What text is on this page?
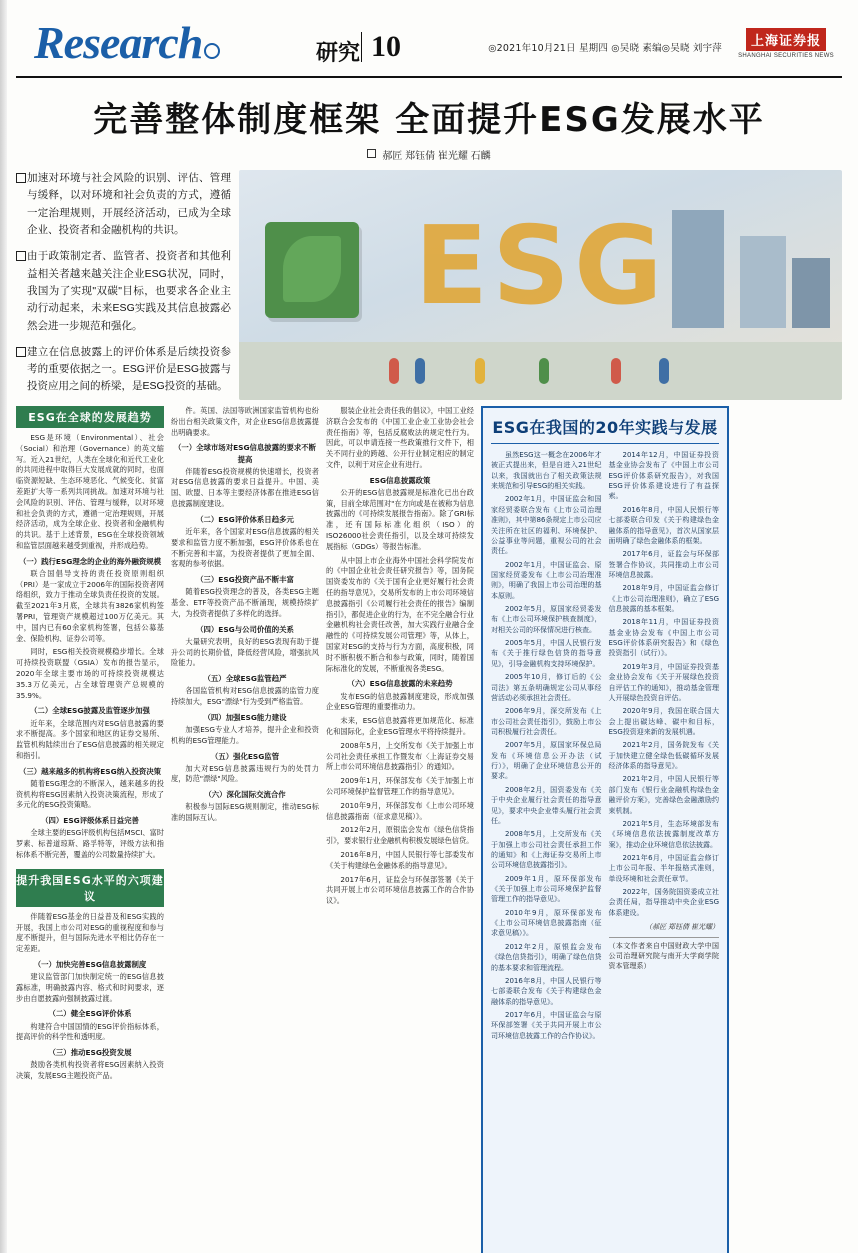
Research	研究 10	◎2021年10月21日 星期四 ◎吴晓 素编◎吴晓 刘宇萍	上海证券报
SHANGHAI SECURITIES NEWS
完善整体制度框架 全面提升ESG发展水平
郝匠 郑钰倩 崔光耀 石麟
加速对环境与社会风险的识别、评估、管理与缓释，以对环境和社会负责的方式，遵循一定治理规则，开展经济活动，已成为全球企业、投资者和金融机构的共识。
由于政策制定者、监管者、投资者和其他利益相关者越来越关注企业ESG状况，同时，我国为了实现"双碳"目标，也要求各企业主动行动起来，未来ESG实践及其信息披露必然会进一步规范和强化。
建立在信息披露上的评价体系是后续投资参考的重要依据之一。ESG评价是ESG披露与投资应用之间的桥梁，是ESG投资的基础。
ESG
ESG在全球的发展趋势

ESG是环境（Environmental）、社会（Social）和治理（Governance）的英文缩写。近入21世纪，人类在全球化和近代工业化的共同进程中取得巨大发展成就的同时，也面临资源短缺、生态环境恶化、气候变化、贫富差距扩大等一系列共同挑战。加速对环境与社会风险的识别、评估、管理与缓释，以对环境和社会负责的方式，遵循一定治理规则，开展经济活动，成为全球企业、投资者和金融机构的共识。基于上述背景，ESG在全球投资领域和监管层面越来越受到重视，并形成趋势。

（一）践行ESG理念的企业的海外融资规模

联合国倡导支持的责任投资原则组织（PRI）是一家成立于2006年的国际投资者网络组织，致力于推动全球负责任投资的发展。截至2021年3月底，全球共有3826家机构签署PRI，管理资产规模超过100万亿美元。其中，国内已有60余家机构签署，包括公募基金、保险机构、证券公司等。

同时，ESG相关投资规模稳步增长。全球可持续投资联盟（GSIA）发布的报告显示，2020年全球主要市场的可持续投资规模达35.3万亿美元，占全球管理资产总规模的35.9%。

（二）全球ESG披露及监管逐步加强

近年来，全球范围内对ESG信息披露的要求不断提高。多个国家和地区的证券交易所、监管机构陆续出台了ESG信息披露的相关规定和指引。

（三）越来越多的机构将ESG纳入投资决策

随着ESG理念的不断深入，越来越多的投资机构将ESG因素纳入投资决策流程，形成了多元化的ESG投资策略。

（四）ESG评级体系日益完善

全球主要的ESG评级机构包括MSCI、富时罗素、标普道琼斯、路孚特等，评级方法和指标体系不断完善，覆盖的公司数量持续扩大。

提升我国ESG水平的六项建议

伴随着ESG基金的日益普及和ESG实践的开展，我国上市公司对ESG的重视程度和参与度不断提升，但与国际先进水平相比仍存在一定差距。

（一）加快完善ESG信息披露制度

建议监管部门加快制定统一的ESG信息披露标准，明确披露内容、格式和时间要求，逐步由自愿披露向强制披露过渡。

（二）健全ESG评价体系

构建符合中国国情的ESG评价指标体系，提高评价的科学性和透明度。

（三）推动ESG投资发展

鼓励各类机构投资者将ESG因素纳入投资决策，发展ESG主题投资产品。

件。英国、法国等欧洲国家监管机构也纷纷出台相关政策文件，对企业ESG信息披露提出明确要求。

（一）全球市场对ESG信息披露的要求不断提高

伴随着ESG投资规模的快速增长，投资者对ESG信息披露的要求日益提升。中国、美国、欧盟、日本等主要经济体都在推进ESG信息披露制度建设。

（二）ESG评价体系日趋多元

近年来，各个国家对ESG信息披露的相关要求和监管力度不断加强，ESG评价体系也在不断完善和丰富，为投资者提供了更加全面、客观的参考依据。

（三）ESG投资产品不断丰富

随着ESG投资理念的普及，各类ESG主题基金、ETF等投资产品不断涌现，规模持续扩大，为投资者提供了多样化的选择。

（四）ESG与公司价值的关系

大量研究表明，良好的ESG表现有助于提升公司的长期价值，降低经营风险，增强抗风险能力。

（五）全球ESG监管趋严

各国监管机构对ESG信息披露的监管力度持续加大，ESG"漂绿"行为受到严格监管。

（四）加强ESG能力建设

加强ESG专业人才培养，提升企业和投资机构的ESG管理能力。

（五）强化ESG监管

加大对ESG信息披露违规行为的处罚力度，防范"漂绿"风险。

（六）深化国际交流合作

积极参与国际ESG规则制定，推动ESG标准的国际互认。

服装企业社会责任我的倡议》，中国工业经济联合会发布的《中国工业企业工业协会社会责任指南》等，包括反腐败法的规定性行为。因此，可以申请连接一些政策推行文件下，相关不同行业的跨越、公开行业制定相应的制定文件，以利于对应企业有进行。

ESG信息披露政策

公开的ESG信息披露规是标准化已出台政策，目前全球范围对"在方向或是在被称为信息披露出的《可持续发展报告指南》。除了GRI标准，还有国际标准化组织（ISO）的ISO26000社会责任指引，以及全球可持续发展指标（GDGs）等报告标准。

从中国上市企业海外中国社会科学院发布的《中国企业社会责任研究报告》等，国务院国资委发布的《关于国有企业更好履行社会责任的指导意见》，交易所发布的上市公司环境信息披露指引《公司履行社会责任的报告》编制指引》，都促进企业的行为，在不完全融合行业金融机构社会责任改善，加大实践行业融合金融性的《可持续发展公司管理》等，从体上，国家对ESG的支持与行为方面，高度积极，同时不断积极不断合和参与政策，同时，随着国际标准化的发展，不断重视各类ESG。

（六）ESG信息披露的未来趋势

发布ESG的信息披露制度建设，形成加强企业ESG管理的重要推动力。

未来，ESG信息披露将更加规范化、标准化和国际化，企业ESG管理水平将持续提升。

2008年5月，上交所发布《关于加强上市公司社会责任承担工作暨发布〈上海证券交易所上市公司环境信息披露指引〉的通知》。

2009年1月，环保部发布《关于加强上市公司环境保护监督管理工作的指导意见》。

2010年9月，环保部发布《上市公司环境信息披露指南（征求意见稿）》。

2012年2月，原银监会发布《绿色信贷指引》，要求银行业金融机构积极发展绿色信贷。

2016年8月，中国人民银行等七部委发布《关于构建绿色金融体系的指导意见》。

2017年6月，证监会与环保部签署《关于共同开展上市公司环境信息披露工作的合作协议》。

ESG在我国的20年实践与发展

虽然ESG这一概念在2006年才被正式提出来，但是自进入21世纪以来，我国就出台了相关政策法规来规范和引导ESG的相关实践。

2002年1月，中国证监会和国家经贸委联合发布《上市公司治理准则》，其中第86条规定上市公司应关注所在社区的福利、环境保护、公益事业等问题，重视公司的社会责任。

2002年1月，中国证监会、原国家经贸委发布《上市公司治理准则》，明确了我国上市公司治理的基本原则。

2002年5月，原国家经贸委发布《上市公司环境保护核查制度》，对相关公司的环保情况进行核查。

2005年5月，中国人民银行发布《关于推行绿色信贷的指导意见》，引导金融机构支持环境保护。

2005年10月，修订后的《公司法》第五条明确规定公司从事经营活动必须承担社会责任。

2006年9月，深交所发布《上市公司社会责任指引》，鼓励上市公司积极履行社会责任。

2007年5月，原国家环保总局发布《环境信息公开办法（试行）》，明确了企业环境信息公开的要求。

2008年2月，国资委发布《关于中央企业履行社会责任的指导意见》，要求中央企业带头履行社会责任。

2008年5月，上交所发布《关于加强上市公司社会责任承担工作的通知》和《上海证券交易所上市公司环境信息披露指引》。

2009年1月，原环保部发布《关于加强上市公司环境保护监督管理工作的指导意见》。

2010年9月，原环保部发布《上市公司环境信息披露指南（征求意见稿）》。

2012年2月，原银监会发布《绿色信贷指引》，明确了绿色信贷的基本要求和管理流程。

2016年8月，中国人民银行等七部委联合发布《关于构建绿色金融体系的指导意见》。

2017年6月，中国证监会与原环保部签署《关于共同开展上市公司环境信息披露工作的合作协议》。

2014年12月，中国证券投资基金业协会发布了《中国上市公司ESG评价体系研究报告》，对我国ESG评价体系建设进行了有益探索。

2016年8月，中国人民银行等七部委联合印发《关于构建绿色金融体系的指导意见》，首次从国家层面明确了绿色金融体系的框架。

2017年6月，证监会与环保部签署合作协议，共同推动上市公司环境信息披露。

2018年9月，中国证监会修订《上市公司治理准则》，确立了ESG信息披露的基本框架。

2018年11月，中国证券投资基金业协会发布《中国上市公司ESG评价体系研究报告》和《绿色投资指引（试行）》。

2019年3月，中国证券投资基金业协会发布《关于开展绿色投资自评估工作的通知》，推动基金管理人开展绿色投资自评估。

2020年9月，我国在联合国大会上提出碳达峰、碳中和目标，ESG投资迎来新的发展机遇。

2021年2月，国务院发布《关于加快建立健全绿色低碳循环发展经济体系的指导意见》。

2021年2月，中国人民银行等部门发布《银行业金融机构绿色金融评价方案》，完善绿色金融激励约束机制。

2021年5月，生态环境部发布《环境信息依法披露制度改革方案》，推动企业环境信息依法披露。

2021年6月，中国证监会修订上市公司年报、半年报格式准则，单设环境和社会责任章节。

2022年，国务院国资委成立社会责任局，指导推动中央企业ESG体系建设。

（郝匠 郑钰倩 崔光耀）
（本文作者来自中国财政大学中国公司治理研究院与南开大学商学院资本管理系）
